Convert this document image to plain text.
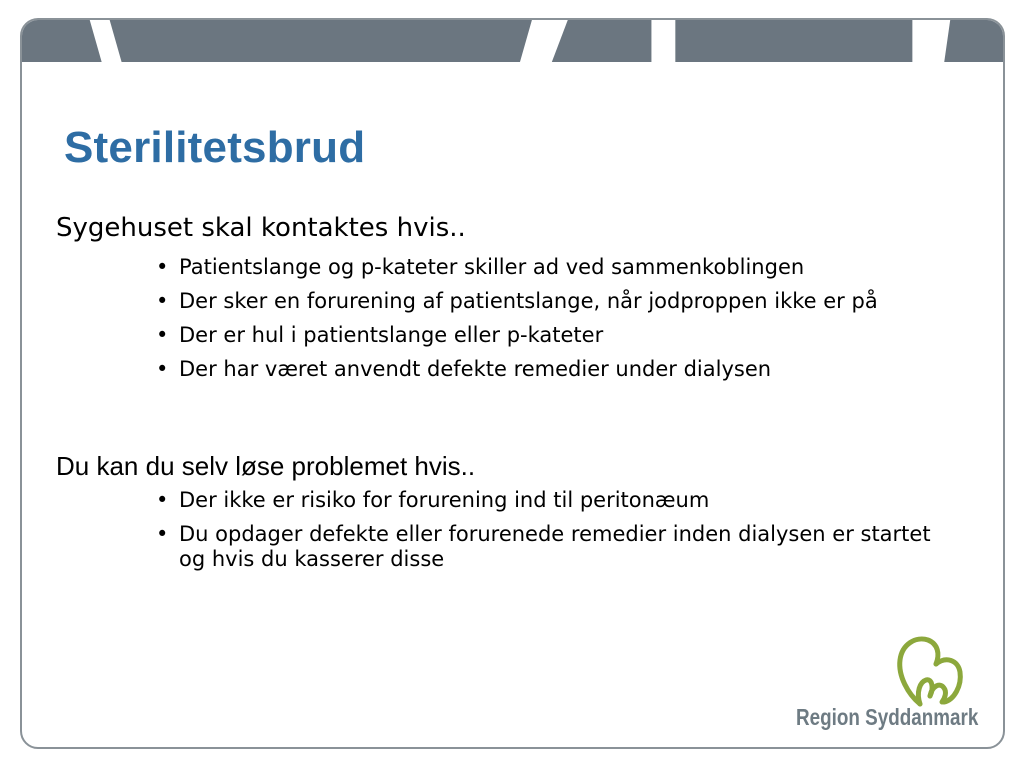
Sterilitetsbrud

Sygehuset skal kontaktes hvis..

• Patientslange og p-kateter skiller ad ved sammenkoblingen
• Der sker en forurening af patientslange, når jodproppen ikke er på
• Der er hul i patientslange eller p-kateter
• Der har været anvendt defekte remedier under dialysen

Du kan du selv løse problemet hvis..

• Der ikke er risiko for forurening ind til peritonæum
• Du opdager defekte eller forurenede remedier inden dialysen er startet og hvis du kasserer disse
Region Syddanmark
